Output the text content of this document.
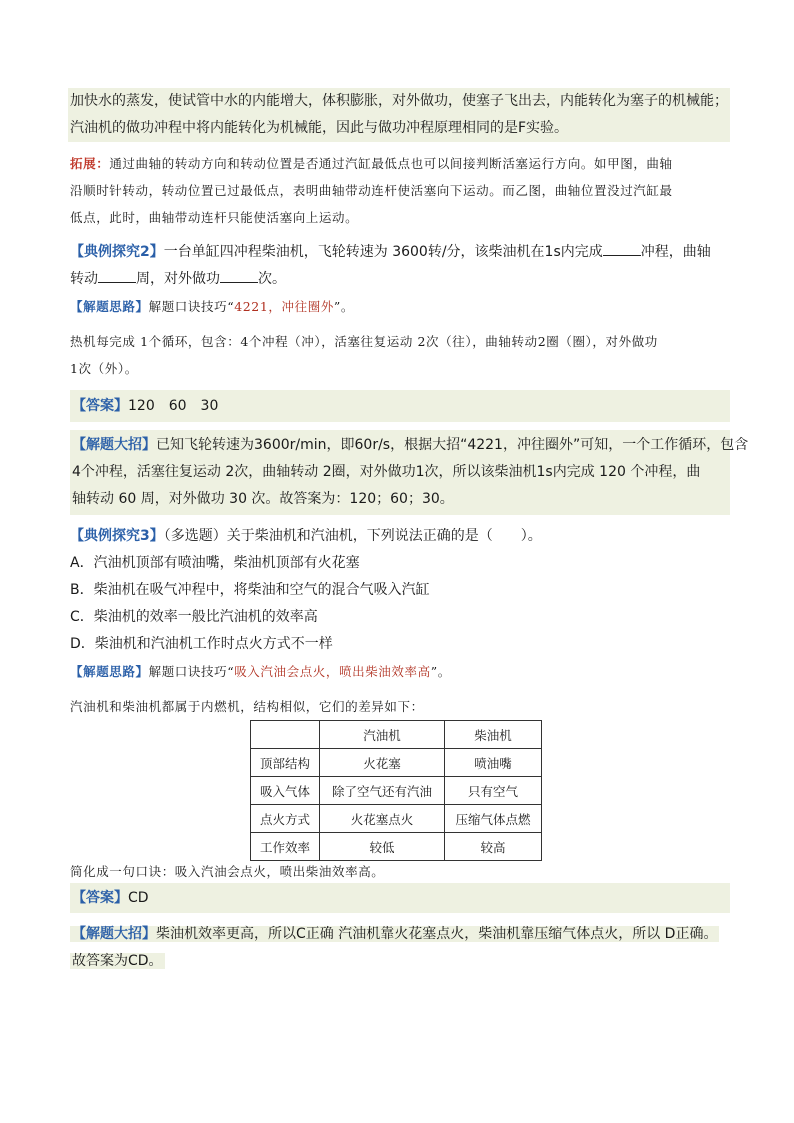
加快水的蒸发，使试管中水的内能增大，体积膨胀，对外做功，使塞子飞出去，内能转化为塞子的机械能；
汽油机的做功冲程中将内能转化为机械能，因此与做功冲程原理相同的是F实验。
拓展：通过曲轴的转动方向和转动位置是否通过汽缸最低点也可以间接判断活塞运行方向。如甲图，曲轴
沿顺时针转动，转动位置已过最低点，表明曲轴带动连杆使活塞向下运动。而乙图，曲轴位置没过汽缸最
低点，此时，曲轴带动连杆只能使活塞向上运动。
【典例探究2】一台单缸四冲程柴油机，飞轮转速为 3600转/分，该柴油机在1s内完成	冲程，曲轴
转动	周，对外做功	次。
【解题思路】解题口诀技巧“4221，冲往圈外”。
热机每完成 1个循环，包含：4个冲程（冲），活塞往复运动 2次（往），曲轴转动2圈（圈），对外做功
1次（外）。
【答案】120　60　30
【解题大招】已知飞轮转速为3600r/min，即60r/s，根据大招“4221，冲往圈外”可知，一个工作循环，包含
4个冲程，活塞往复运动 2次，曲轴转动 2圈，对外做功1次，所以该柴油机1s内完成 120 个冲程，曲
轴转动 60 周，对外做功 30 次。故答案为：120；60；30。
【典例探究3】（多选题）关于柴油机和汽油机，下列说法正确的是（　　）。
A．汽油机顶部有喷油嘴，柴油机顶部有火花塞
B．柴油机在吸气冲程中，将柴油和空气的混合气吸入汽缸
C．柴油机的效率一般比汽油机的效率高
D．柴油机和汽油机工作时点火方式不一样
【解题思路】解题口诀技巧“吸入汽油会点火，喷出柴油效率高”。
汽油机和柴油机都属于内燃机，结构相似，它们的差异如下：
	汽油机	柴油机
顶部结构	火花塞	喷油嘴
吸入气体	除了空气还有汽油	只有空气
点火方式	火花塞点火	压缩气体点燃
工作效率	较低	较高
简化成一句口诀：吸入汽油会点火，喷出柴油效率高。
【答案】CD
【解题大招】柴油机效率更高，所以C正确 汽油机靠火花塞点火，柴油机靠压缩气体点火，所以 D正确。
故答案为CD。
